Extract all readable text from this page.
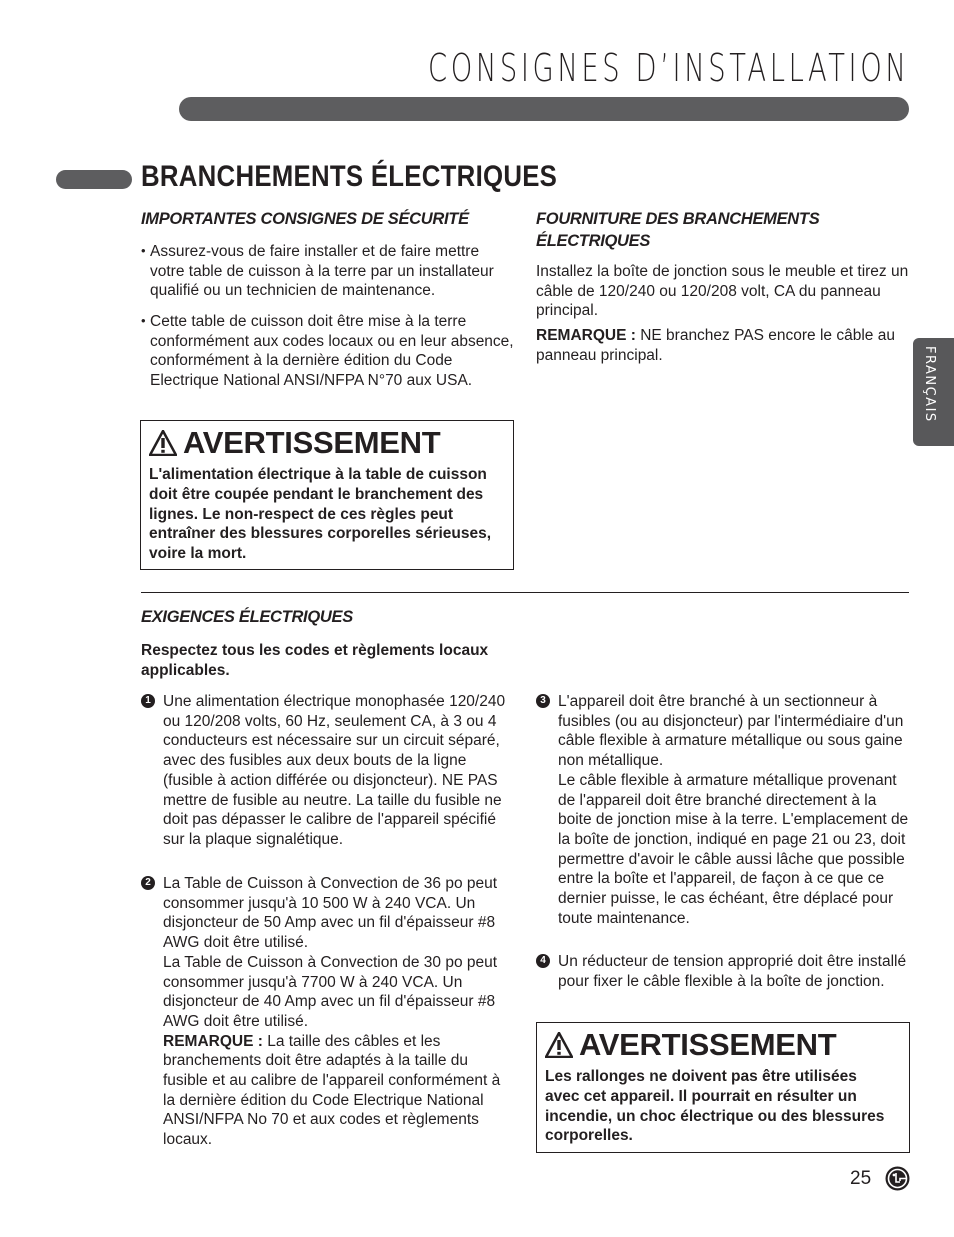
CONSIGNES D’INSTALLATION
FRANÇAIS
BRANCHEMENTS ÉLECTRIQUES
IMPORTANTES CONSIGNES DE SÉCURITÉ
• Assurez-vous de faire installer et de faire mettre votre table de cuisson à la terre par un installateur qualifié ou un technicien de maintenance.
• Cette table de cuisson doit être mise à la terre conformément aux codes locaux ou en leur absence, conformément à la dernière édition du Code Electrique National ANSI/NFPA N°70 aux USA.
AVERTISSEMENT
L'alimentation électrique à la table de cuisson doit être coupée pendant le branchement des lignes. Le non-respect de ces règles peut entraîner des blessures corporelles sérieuses, voire la mort.
FOURNITURE DES BRANCHEMENTS
ÉLECTRIQUES
Installez la boîte de jonction sous le meuble et tirez un câble de 120/240 ou 120/208 volt, CA du panneau principal.
REMARQUE : NE branchez PAS encore le câble au panneau principal.
EXIGENCES ÉLECTRIQUES
Respectez tous les codes et règlements locaux applicables.
1 Une alimentation électrique monophasée 120/240 ou 120/208 volts, 60 Hz, seulement CA, à 3 ou 4 conducteurs est nécessaire sur un circuit séparé, avec des fusibles aux deux bouts de la ligne (fusible à action différée ou disjoncteur). NE PAS mettre de fusible au neutre. La taille du fusible ne doit pas dépasser le calibre de l'appareil spécifié sur la plaque signalétique.
2 La Table de Cuisson à Convection de 36 po peut consommer jusqu'à 10 500 W à 240 VCA. Un disjoncteur de 50 Amp avec un fil d'épaisseur #8 AWG doit être utilisé.
La Table de Cuisson à Convection de 30 po peut consommer jusqu'à 7700 W à 240 VCA. Un disjoncteur de 40 Amp avec un fil d'épaisseur #8 AWG doit être utilisé.
REMARQUE : La taille des câbles et les branchements doit être adaptés à la taille du fusible et au calibre de l'appareil conformément à la dernière édition du Code Electrique National ANSI/NFPA No 70 et aux codes et règlements locaux.
3 L'appareil doit être branché à un sectionneur à fusibles (ou au disjoncteur) par l'intermédiaire d'un câble flexible à armature métallique ou sous gaine non métallique.
Le câble flexible à armature métallique provenant de l'appareil doit être branché directement à la boite de jonction mise à la terre. L'emplacement de la boîte de jonction, indiqué en page 21 ou 23, doit permettre d'avoir le câble aussi lâche que possible entre la boîte et l'appareil, de façon à ce que ce dernier puisse, le cas échéant, être déplacé pour toute maintenance.
4 Un réducteur de tension approprié doit être installé pour fixer le câble flexible à la boîte de jonction.
AVERTISSEMENT
Les rallonges ne doivent pas être utilisées avec cet appareil. Il pourrait en résulter un incendie, un choc électrique ou des blessures corporelles.
25
